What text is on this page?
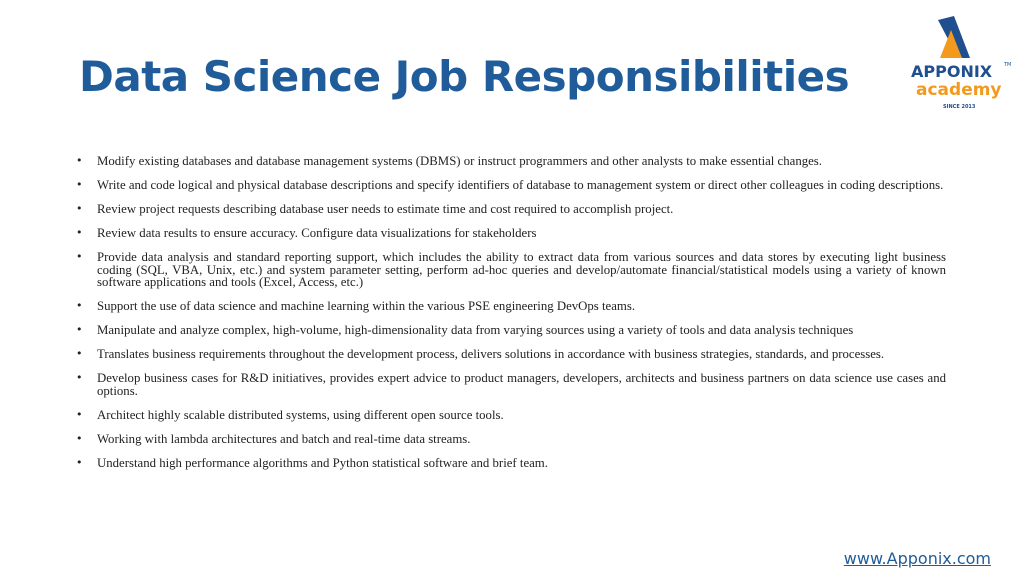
Data Science Job Responsibilities	APPONIX TM
academy
SINCE 2013
• Modify existing databases and database management systems (DBMS) or instruct programmers and other analysts to make essential changes.
• Write and code logical and physical database descriptions and specify identifiers of database to management system or direct other colleagues in coding descriptions.
• Review project requests describing database user needs to estimate time and cost required to accomplish project.
• Review data results to ensure accuracy. Configure data visualizations for stakeholders
• Provide data analysis and standard reporting support, which includes the ability to extract data from various sources and data stores by executing light business coding (SQL, VBA, Unix, etc.) and system parameter setting, perform ad-hoc queries and develop/automate financial/statistical models using a variety of known software applications and tools (Excel, Access, etc.)
• Support the use of data science and machine learning within the various PSE engineering DevOps teams.
• Manipulate and analyze complex, high-volume, high-dimensionality data from varying sources using a variety of tools and data analysis techniques
• Translates business requirements throughout the development process, delivers solutions in accordance with business strategies, standards, and processes.
• Develop business cases for R&D initiatives, provides expert advice to product managers, developers, architects and business partners on data science use cases and options.
• Architect highly scalable distributed systems, using different open source tools.
• Working with lambda architectures and batch and real-time data streams.
• Understand high performance algorithms and Python statistical software and brief team.
www.Apponix.com
